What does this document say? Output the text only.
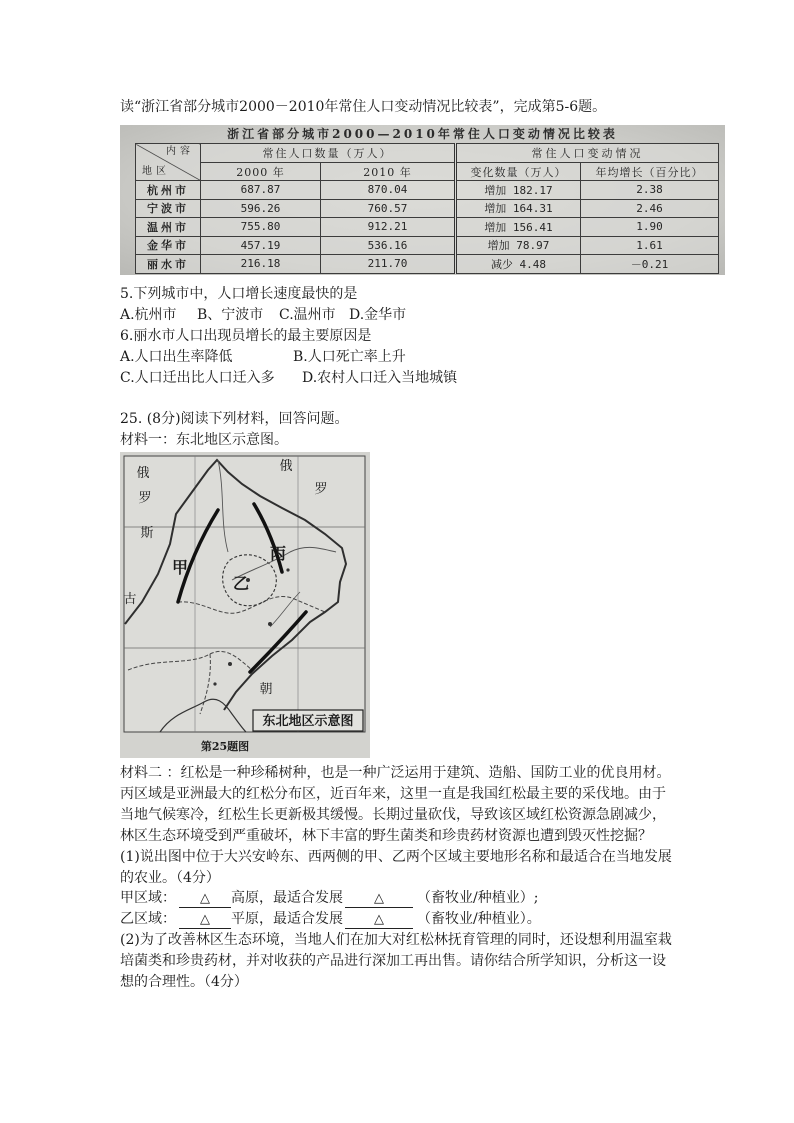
读“浙江省部分城市2000－2010年常住人口变动情况比较表”，完成第5-6题。
浙江省部分城市2000—2010年常住人口变动情况比较表
内容
地区	常住人口数量（万人）		常住人口变动情况	
	2000 年	2010 年	变化数量（万人）	年均增长（百分比）
杭州市	687.87	870.04	增加 182.17	2.38
宁波市	596.26	760.57	增加 164.31	2.46
温州市	755.80	912.21	增加 156.41	1.90
金华市	457.19	536.16	增加 78.97	1.61
丽水市	216.18	211.70	减少 4.48	－0.21
5.下列城市中，人口增长速度最快的是
A.杭州市 B、宁波市 C.温州市 D.金华市
6.丽水市人口出现员增长的最主要原因是
A.人口出生率降低	B.人口死亡率上升
C.人口迁出比人口迁入多 D.农村人口迁入当地城镇
25. (8分)阅读下列材料，回答问题。
材料一：东北地区示意图。
俄
罗
斯
俄
罗
甲
丙
乙
古
朝
东北地区示意图
第25题图
材料二 ：红松是一种珍稀树种，也是一种广泛运用于建筑、造船、国防工业的优良用材。
丙区域是亚洲最大的红松分布区，近百年来，这里一直是我国红松最主要的采伐地。由于
当地气候寒冷，红松生长更新极其缓慢。长期过量砍伐，导致该区域红松资源急剧减少，
林区生态环境受到严重破坏，林下丰富的野生菌类和珍贵药材资源也遭到毁灭性挖掘？
(1)说出图中位于大兴安岭东、西两侧的甲、乙两个区域主要地形名称和最适合在当地发展
的农业。（4分）
甲区域： △ 高原，最适合发展 △ （畜牧业/种植业）;
乙区域： △ 平原，最适合发展 △ （畜牧业/种植业）。
(2)为了改善林区生态环境，当地人们在加大对红松林抚育管理的同时，还设想利用温室栽
培菌类和珍贵药材，并对收获的产品进行深加工再出售。请你结合所学知识，分析这一设
想的合理性。（4分）
